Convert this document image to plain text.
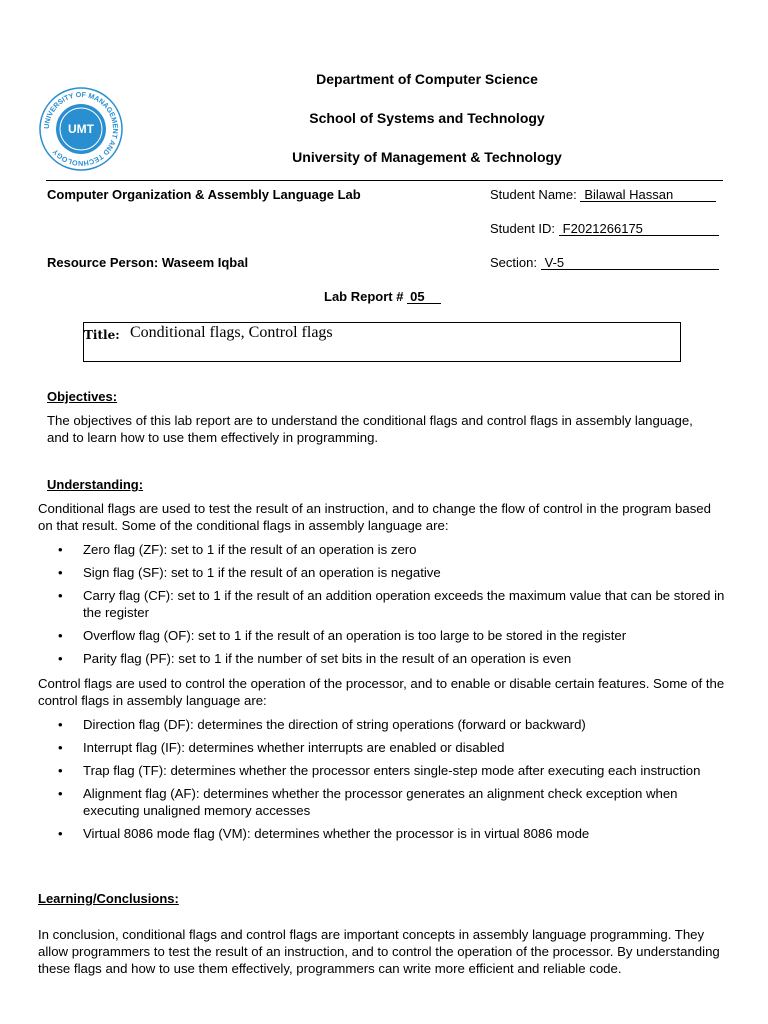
UNIVERSITY OF MANAGEMENT AND TECHNOLOGY
UMT
Department of Computer Science
School of Systems and Technology
University of Management & Technology
Computer Organization & Assembly Language Lab
Resource Person: Waseem Iqbal
Student Name: Bilawal Hassan
Student ID: F2021266175
Section: V-5
Lab Report # 05
Title: Conditional flags, Control flags
Objectives:
The objectives of this lab report are to understand the conditional flags and control flags in assembly language, and to learn how to use them effectively in programming.
Understanding:
Conditional flags are used to test the result of an instruction, and to change the flow of control in the program based on that result. Some of the conditional flags in assembly language are:
• Zero flag (ZF): set to 1 if the result of an operation is zero
• Sign flag (SF): set to 1 if the result of an operation is negative
• Carry flag (CF): set to 1 if the result of an addition operation exceeds the maximum value that can be stored in the register
• Overflow flag (OF): set to 1 if the result of an operation is too large to be stored in the register
• Parity flag (PF): set to 1 if the number of set bits in the result of an operation is even
Control flags are used to control the operation of the processor, and to enable or disable certain features. Some of the control flags in assembly language are:
• Direction flag (DF): determines the direction of string operations (forward or backward)
• Interrupt flag (IF): determines whether interrupts are enabled or disabled
• Trap flag (TF): determines whether the processor enters single-step mode after executing each instruction
• Alignment flag (AF): determines whether the processor generates an alignment check exception when executing unaligned memory accesses
• Virtual 8086 mode flag (VM): determines whether the processor is in virtual 8086 mode
Learning/Conclusions:
In conclusion, conditional flags and control flags are important concepts in assembly language programming. They allow programmers to test the result of an instruction, and to control the operation of the processor. By understanding these flags and how to use them effectively, programmers can write more efficient and reliable code.
